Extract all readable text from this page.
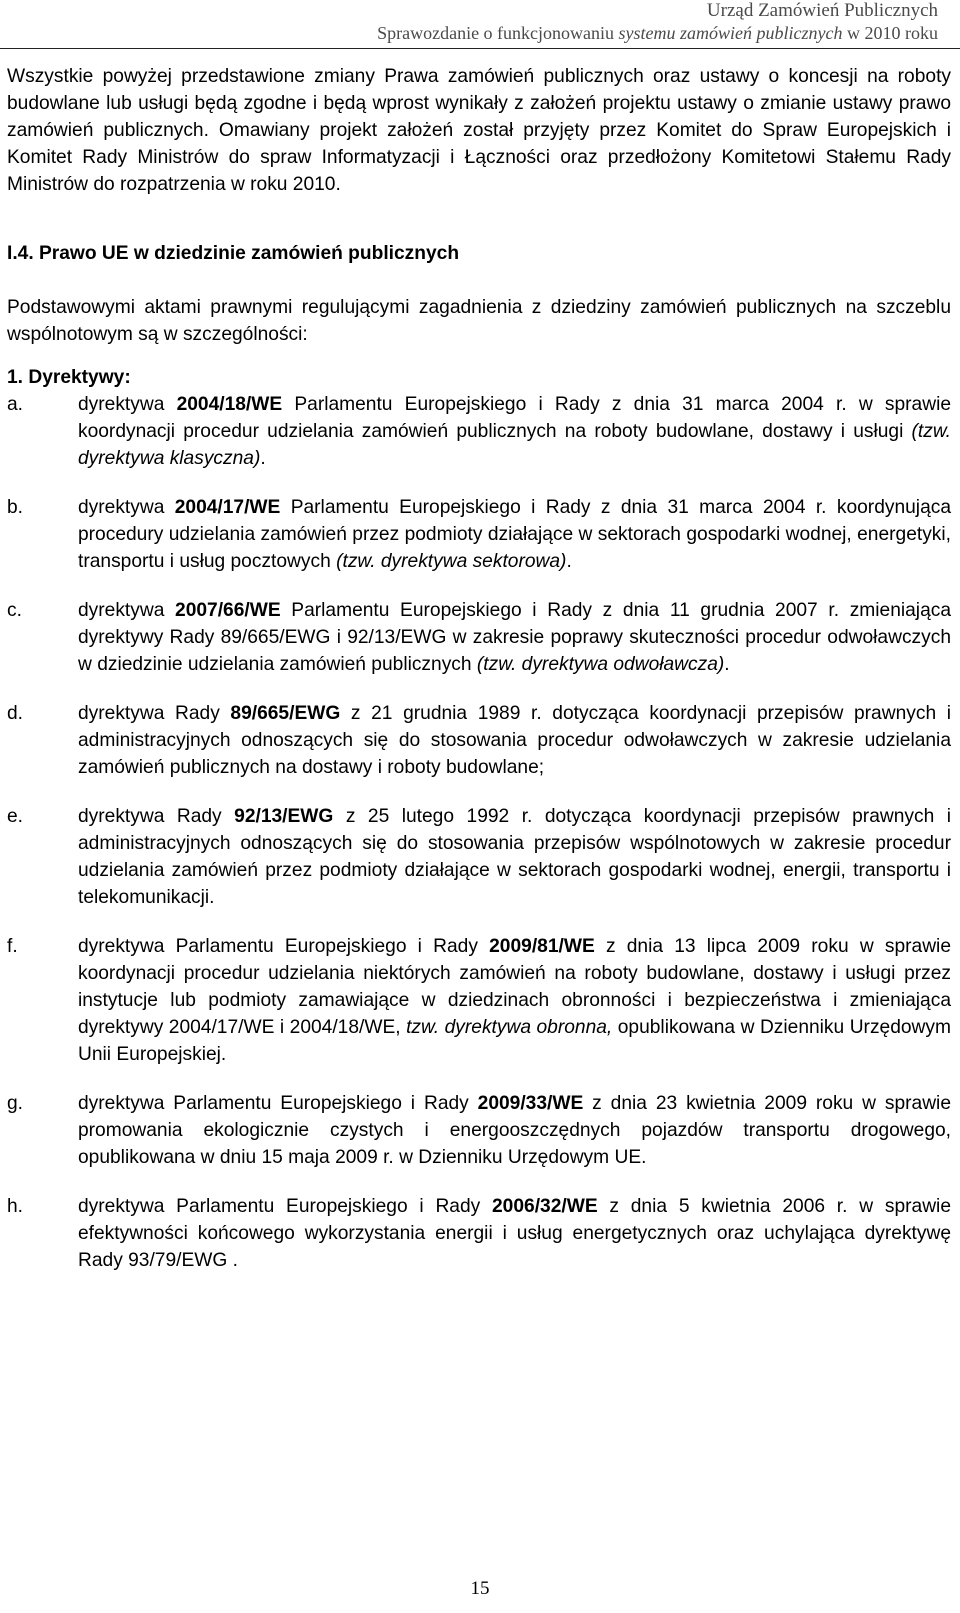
Urząd Zamówień Publicznych
Sprawozdanie o funkcjonowaniu systemu zamówień publicznych w 2010 roku

Wszystkie powyżej przedstawione zmiany Prawa zamówień publicznych oraz ustawy o koncesji na roboty budowlane lub usługi będą zgodne i będą wprost wynikały z założeń projektu ustawy o zmianie ustawy prawo zamówień publicznych. Omawiany projekt założeń został przyjęty przez Komitet do Spraw Europejskich i Komitet Rady Ministrów do spraw Informatyzacji i Łączności oraz przedłożony Komitetowi Stałemu Rady Ministrów do rozpatrzenia w roku 2010.

I.4. Prawo UE w dziedzinie zamówień publicznych

Podstawowymi aktami prawnymi regulującymi zagadnienia z dziedziny zamówień publicznych na szczeblu wspólnotowym są w szczególności:

1. Dyrektywy:

a.	dyrektywa 2004/18/WE Parlamentu Europejskiego i Rady z dnia 31 marca 2004 r. w sprawie koordynacji procedur udzielania zamówień publicznych na roboty budowlane, dostawy i usługi (tzw. dyrektywa klasyczna).
b.	dyrektywa 2004/17/WE Parlamentu Europejskiego i Rady z dnia 31 marca 2004 r. koordynująca procedury udzielania zamówień przez podmioty działające w sektorach gospodarki wodnej, energetyki, transportu i usług pocztowych (tzw. dyrektywa sektorowa).
c.	dyrektywa 2007/66/WE Parlamentu Europejskiego i Rady z dnia 11 grudnia 2007 r. zmieniająca dyrektywy Rady 89/665/EWG i 92/13/EWG w zakresie poprawy skuteczności procedur odwoławczych w dziedzinie udzielania zamówień publicznych (tzw. dyrektywa odwoławcza).
d.	dyrektywa Rady 89/665/EWG z 21 grudnia 1989 r. dotycząca koordynacji przepisów prawnych i administracyjnych odnoszących się do stosowania procedur odwoławczych w zakresie udzielania zamówień publicznych na dostawy i roboty budowlane;
e.	dyrektywa Rady 92/13/EWG z 25 lutego 1992 r. dotycząca koordynacji przepisów prawnych i administracyjnych odnoszących się do stosowania przepisów wspólnotowych w zakresie procedur udzielania zamówień przez podmioty działające w sektorach gospodarki wodnej, energii, transportu i telekomunikacji.
f.	dyrektywa Parlamentu Europejskiego i Rady 2009/81/WE z dnia 13 lipca 2009 roku w sprawie koordynacji procedur udzielania niektórych zamówień na roboty budowlane, dostawy i usługi przez instytucje lub podmioty zamawiające w dziedzinach obronności i bezpieczeństwa i zmieniająca dyrektywy 2004/17/WE i 2004/18/WE, tzw. dyrektywa obronna, opublikowana w Dzienniku Urzędowym Unii Europejskiej.
g.	dyrektywa Parlamentu Europejskiego i Rady 2009/33/WE z dnia 23 kwietnia 2009 roku w sprawie promowania ekologicznie czystych i energooszczędnych pojazdów transportu drogowego, opublikowana w dniu 15 maja 2009 r. w Dzienniku Urzędowym UE.
h.	dyrektywa Parlamentu Europejskiego i Rady 2006/32/WE z dnia 5 kwietnia 2006 r. w sprawie efektywności końcowego wykorzystania energii i usług energetycznych oraz uchylająca dyrektywę Rady 93/79/EWG .
15
